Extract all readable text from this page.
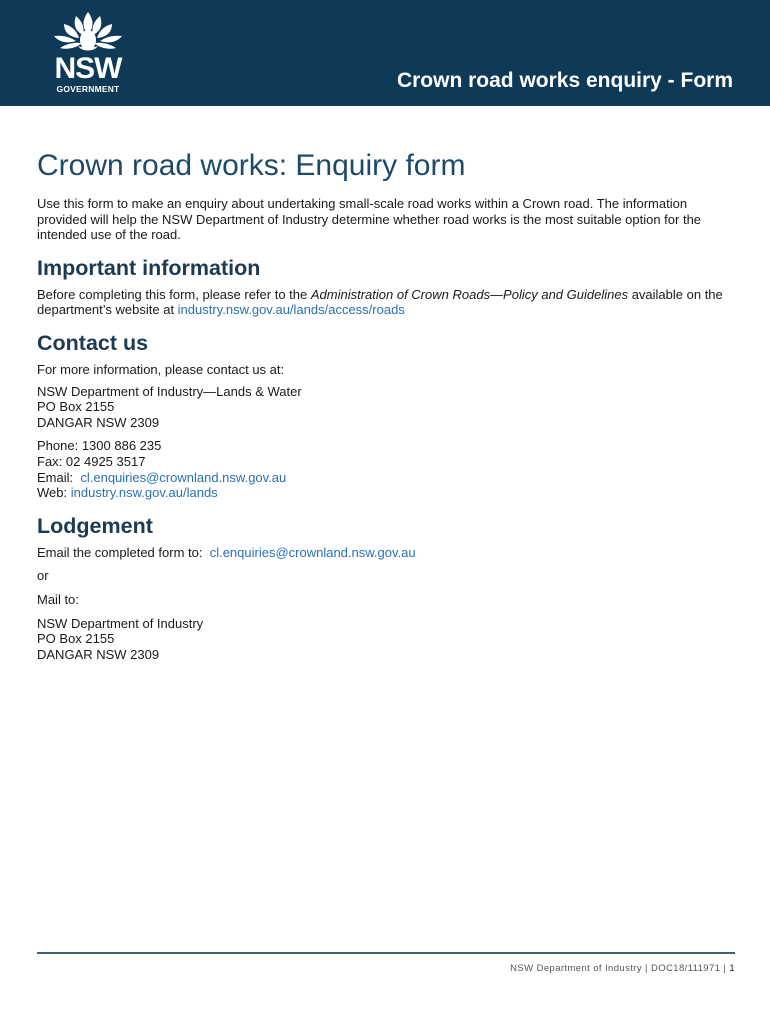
NSW
GOVERNMENT	Crown road works enquiry - Form
Crown road works: Enquiry form

Use this form to make an enquiry about undertaking small-scale road works within a Crown road. The information provided will help the NSW Department of Industry determine whether road works is the most suitable option for the intended use of the road.

Important information

Before completing this form, please refer to the Administration of Crown Roads—Policy and Guidelines available on the department’s website at industry.nsw.gov.au/lands/access/roads

Contact us

For more information, please contact us at:

NSW Department of Industry—Lands & Water

PO Box 2155

DANGAR NSW 2309

Phone: 1300 886 235

Fax: 02 4925 3517

Email: cl.enquiries@crownland.nsw.gov.au

Web: industry.nsw.gov.au/lands

Lodgement

Email the completed form to: cl.enquiries@crownland.nsw.gov.au

or

Mail to:

NSW Department of Industry

PO Box 2155

DANGAR NSW 2309

NSW Department of Industry | DOC18/111971 | 1
